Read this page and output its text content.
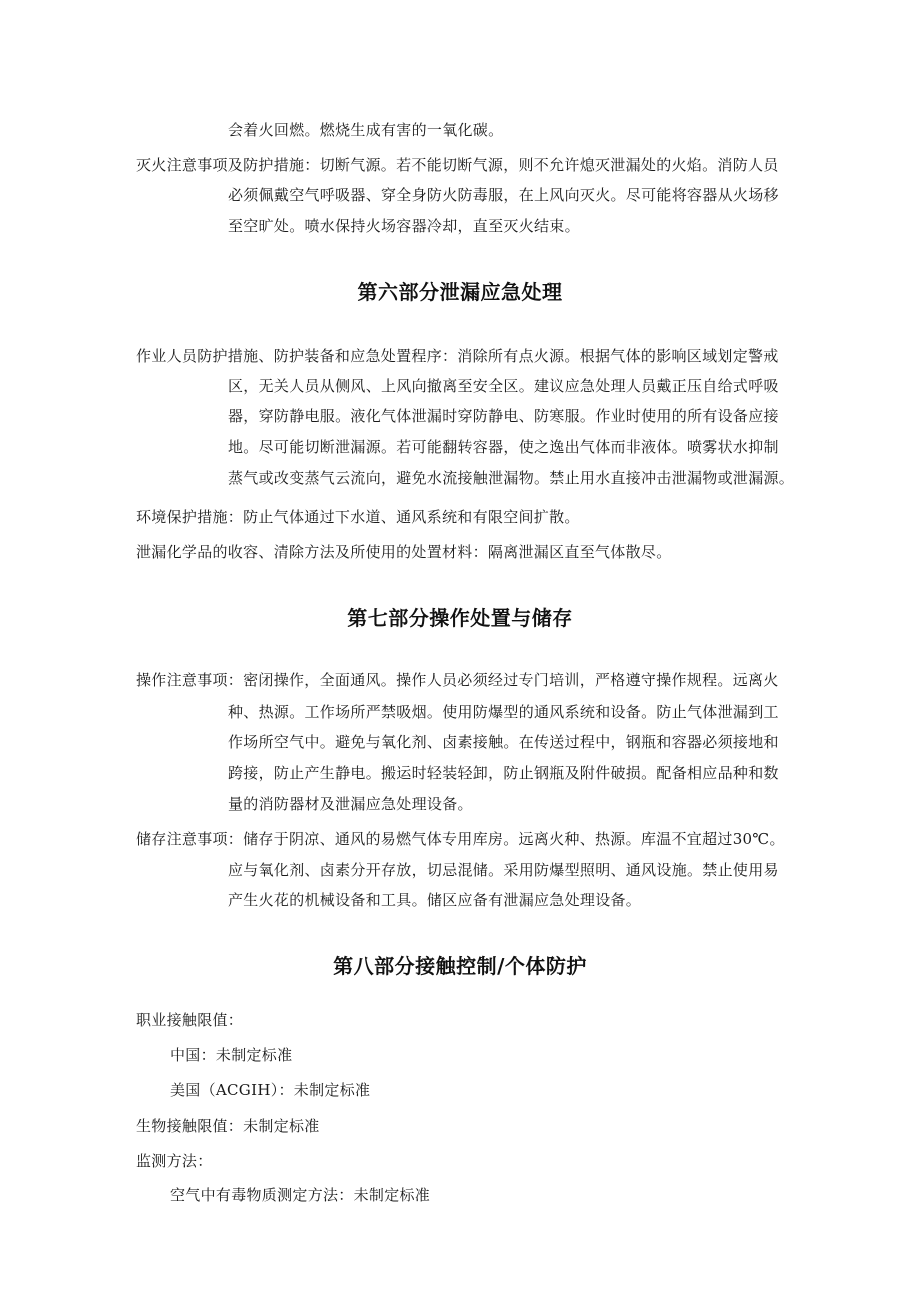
会着火回燃。燃烧生成有害的一氧化碳。
灭火注意事项及防护措施：切断气源。若不能切断气源，则不允许熄灭泄漏处的火焰。消防人员
必须佩戴空气呼吸器、穿全身防火防毒服，在上风向灭火。尽可能将容器从火场移
至空旷处。喷水保持火场容器冷却，直至灭火结束。
第六部分泄漏应急处理
作业人员防护措施、防护装备和应急处置程序：消除所有点火源。根据气体的影响区域划定警戒
区，无关人员从侧风、上风向撤离至安全区。建议应急处理人员戴正压自给式呼吸
器，穿防静电服。液化气体泄漏时穿防静电、防寒服。作业时使用的所有设备应接
地。尽可能切断泄漏源。若可能翻转容器，使之逸出气体而非液体。喷雾状水抑制
蒸气或改变蒸气云流向，避免水流接触泄漏物。禁止用水直接冲击泄漏物或泄漏源。
环境保护措施：防止气体通过下水道、通风系统和有限空间扩散。
泄漏化学品的收容、清除方法及所使用的处置材料：隔离泄漏区直至气体散尽。
第七部分操作处置与储存
操作注意事项：密闭操作，全面通风。操作人员必须经过专门培训，严格遵守操作规程。远离火
种、热源。工作场所严禁吸烟。使用防爆型的通风系统和设备。防止气体泄漏到工
作场所空气中。避免与氧化剂、卤素接触。在传送过程中，钢瓶和容器必须接地和
跨接，防止产生静电。搬运时轻装轻卸，防止钢瓶及附件破损。配备相应品种和数
量的消防器材及泄漏应急处理设备。
储存注意事项：储存于阴凉、通风的易燃气体专用库房。远离火种、热源。库温不宜超过30℃。
应与氧化剂、卤素分开存放，切忌混储。采用防爆型照明、通风设施。禁止使用易
产生火花的机械设备和工具。储区应备有泄漏应急处理设备。
第八部分接触控制/个体防护
职业接触限值：
中国：未制定标准
美国（ACGIH）：未制定标准
生物接触限值：未制定标准
监测方法：
空气中有毒物质测定方法：未制定标准
